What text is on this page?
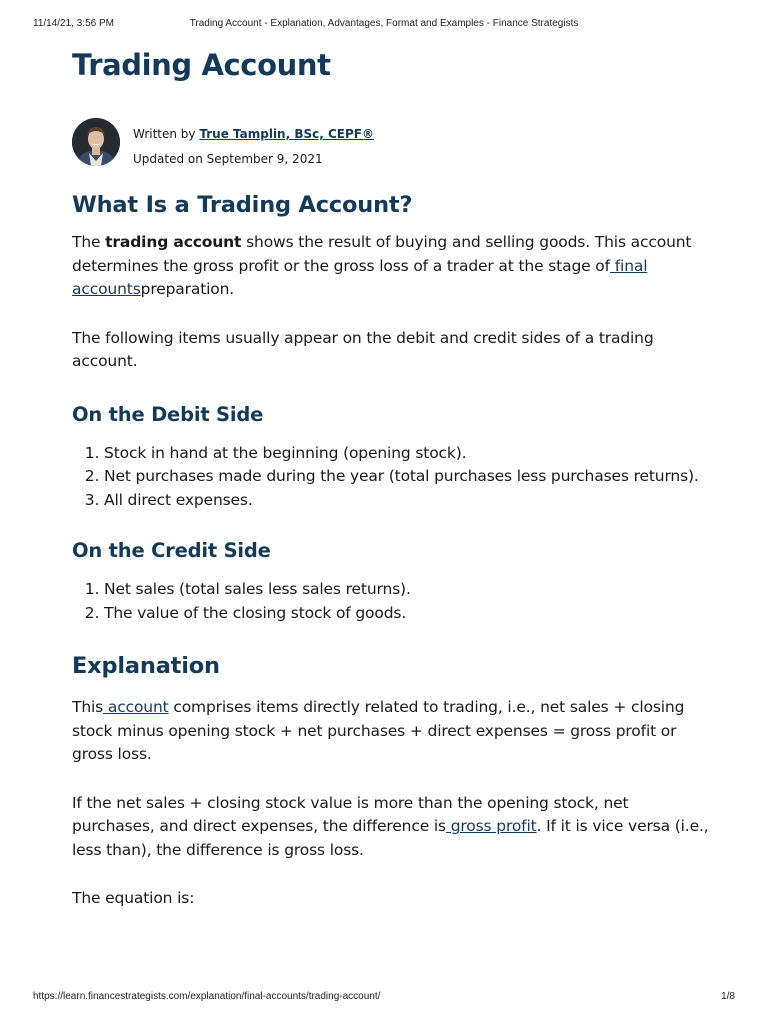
11/14/21, 3:56 PM	Trading Account - Explanation, Advantages, Format and Examples - Finance Strategists
Trading Account
Written by True Tamplin, BSc, CEPF®
Updated on September 9, 2021
What Is a Trading Account?

The trading account shows the result of buying and selling goods. This account determines the gross profit or the gross loss of a trader at the stage of final accountspreparation.

The following items usually appear on the debit and credit sides of a trading account.

On the Debit Side
1. Stock in hand at the beginning (opening stock).
2. Net purchases made during the year (total purchases less purchases returns).
3. All direct expenses.
On the Credit Side
1. Net sales (total sales less sales returns).
2. The value of the closing stock of goods.
Explanation

This account comprises items directly related to trading, i.e., net sales + closing stock minus opening stock + net purchases + direct expenses = gross profit or gross loss.

If the net sales + closing stock value is more than the opening stock, net purchases, and direct expenses, the difference is gross profit. If it is vice versa (i.e., less than), the difference is gross loss.

The equation is:

https://learn.financestrategists.com/explanation/final-accounts/trading-account/	1/8
